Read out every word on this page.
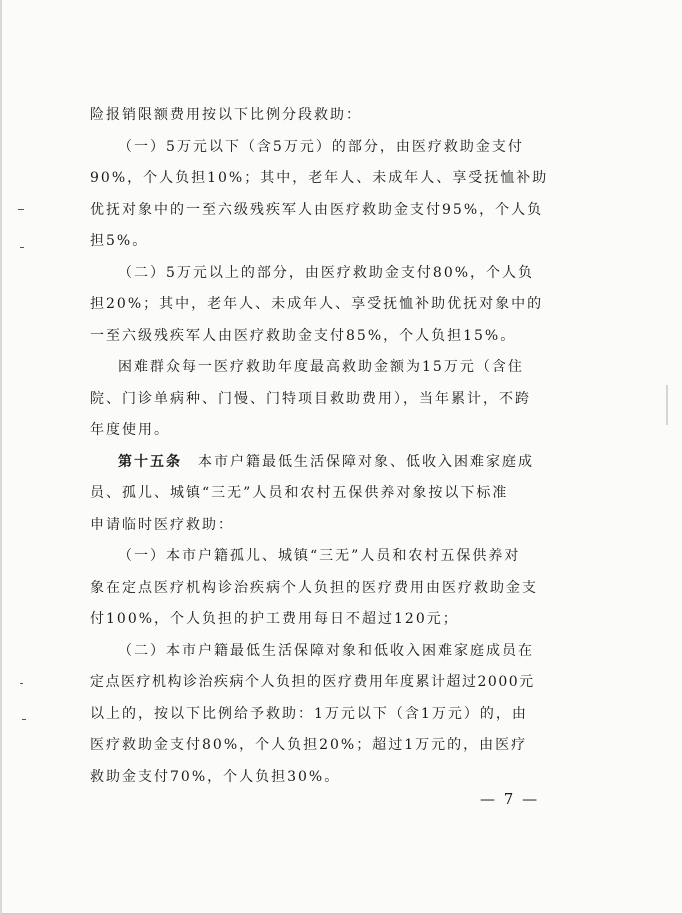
险报销限额费用按以下比例分段救助：
（一）5万元以下（含5万元）的部分，由医疗救助金支付
90%，个人负担10%；其中，老年人、未成年人、享受抚恤补助
优抚对象中的一至六级残疾军人由医疗救助金支付95%，个人负
担5%。
（二）5万元以上的部分，由医疗救助金支付80%，个人负
担20%；其中，老年人、未成年人、享受抚恤补助优抚对象中的
一至六级残疾军人由医疗救助金支付85%，个人负担15%。
困难群众每一医疗救助年度最高救助金额为15万元（含住
院、门诊单病种、门慢、门特项目救助费用），当年累计，不跨
年度使用。
第十五条  本市户籍最低生活保障对象、低收入困难家庭成
员、孤儿、城镇“三无”人员和农村五保供养对象按以下标准
申请临时医疗救助：
（一）本市户籍孤儿、城镇“三无”人员和农村五保供养对
象在定点医疗机构诊治疾病个人负担的医疗费用由医疗救助金支
付100%，个人负担的护工费用每日不超过120元；
（二）本市户籍最低生活保障对象和低收入困难家庭成员在
定点医疗机构诊治疾病个人负担的医疗费用年度累计超过2000元
以上的，按以下比例给予救助：1万元以下（含1万元）的，由
医疗救助金支付80%，个人负担20%；超过1万元的，由医疗
救助金支付70%，个人负担30%。
— 7 —
